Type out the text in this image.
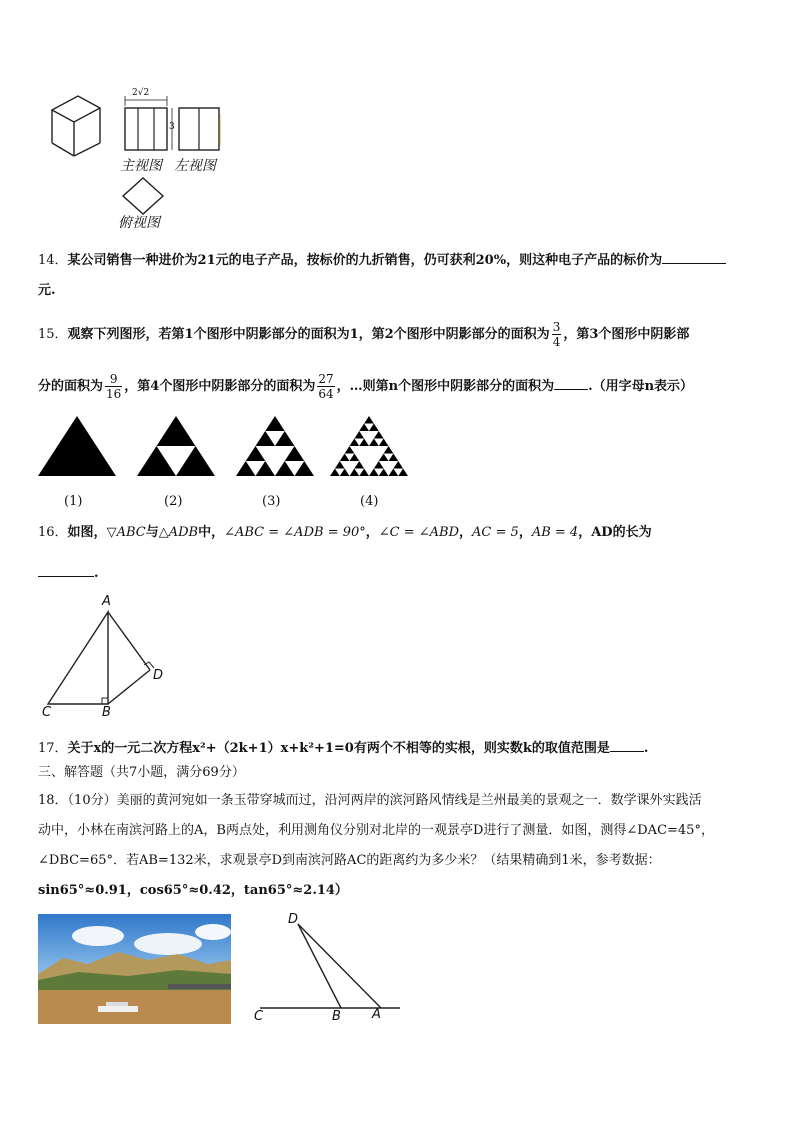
2√2
3
主视图 左视图
俯视图
14．某公司销售一种进价为21元的电子产品，按标价的九折销售，仍可获利20%，则这种电子产品的标价为
元.
15．观察下列图形，若第1个图形中阴影部分的面积为1，第2个图形中阴影部分的面积为 $\frac{3}{4}$ ，第3个图形中阴影部
分的面积为 $\frac{9}{16}$ ，第4个图形中阴影部分的面积为 $\frac{27}{64}$ ，…则第n个图形中阴影部分的面积为	.（用字母n表示）
(1)	(2)	(3)	(4)
16．如图，▽ABC与△ADB中，∠ABC = ∠ADB = 90°，∠C = ∠ABD，AC = 5，AB = 4，AD的长为
.
A
D
C	B
17．关于x的一元二次方程x²+（2k+1）x+k²+1=0有两个不相等的实根，则实数k的取值范围是	.
三、解答题（共7小题，满分69分）
18．（10分）美丽的黄河宛如一条玉带穿城而过，沿河两岸的滨河路风情线是兰州最美的景观之一．数学课外实践活
动中，小林在南滨河路上的A，B两点处，利用测角仪分别对北岸的一观景亭D进行了测量．如图，测得∠DAC=45°，
∠DBC=65°．若AB=132米，求观景亭D到南滨河路AC的距离约为多少米？（结果精确到1米，参考数据：
sin65°≈0.91，cos65°≈0.42，tan65°≈2.14）
D
C	B A
